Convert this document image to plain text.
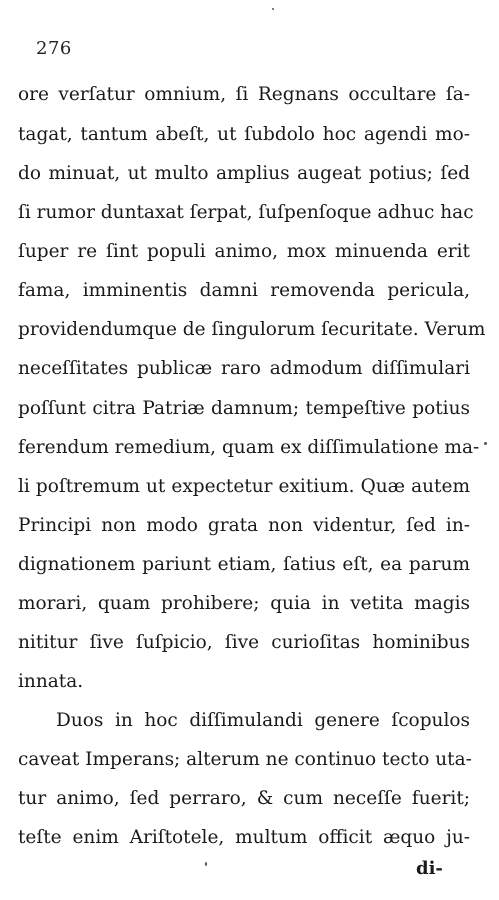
276
ore verſatur omnium, ſi Regnans occultare ſa-
tagat, tantum abeſt, ut ſubdolo hoc agendi mo-
do minuat, ut multo amplius augeat potius; ſed
ſi rumor duntaxat ſerpat, ſuſpenſoque adhuc hac
ſuper re ſint populi animo, mox minuenda erit
fama, imminentis damni removenda pericula,
providendumque de ſingulorum ſecuritate. Verum
neceſſitates publicæ raro admodum diſſimulari
poſſunt citra Patriæ damnum; tempeſtive potius
ferendum remedium, quam ex diſſimulatione ma-
li poſtremum ut expectetur exitium. Quæ autem
Principi non modo grata non videntur, ſed in-
dignationem pariunt etiam, ſatius eſt, ea parum
morari, quam prohibere; quia in vetita magis
nititur ſive ſuſpicio, ſive curioſitas hominibus
innata.
Duos in hoc diſſimulandi genere ſcopulos
caveat Imperans; alterum ne continuo tecto uta-
tur animo, ſed perraro, & cum neceſſe fuerit;
teſte enim Ariſtotele, multum officit æquo ju-
di-
